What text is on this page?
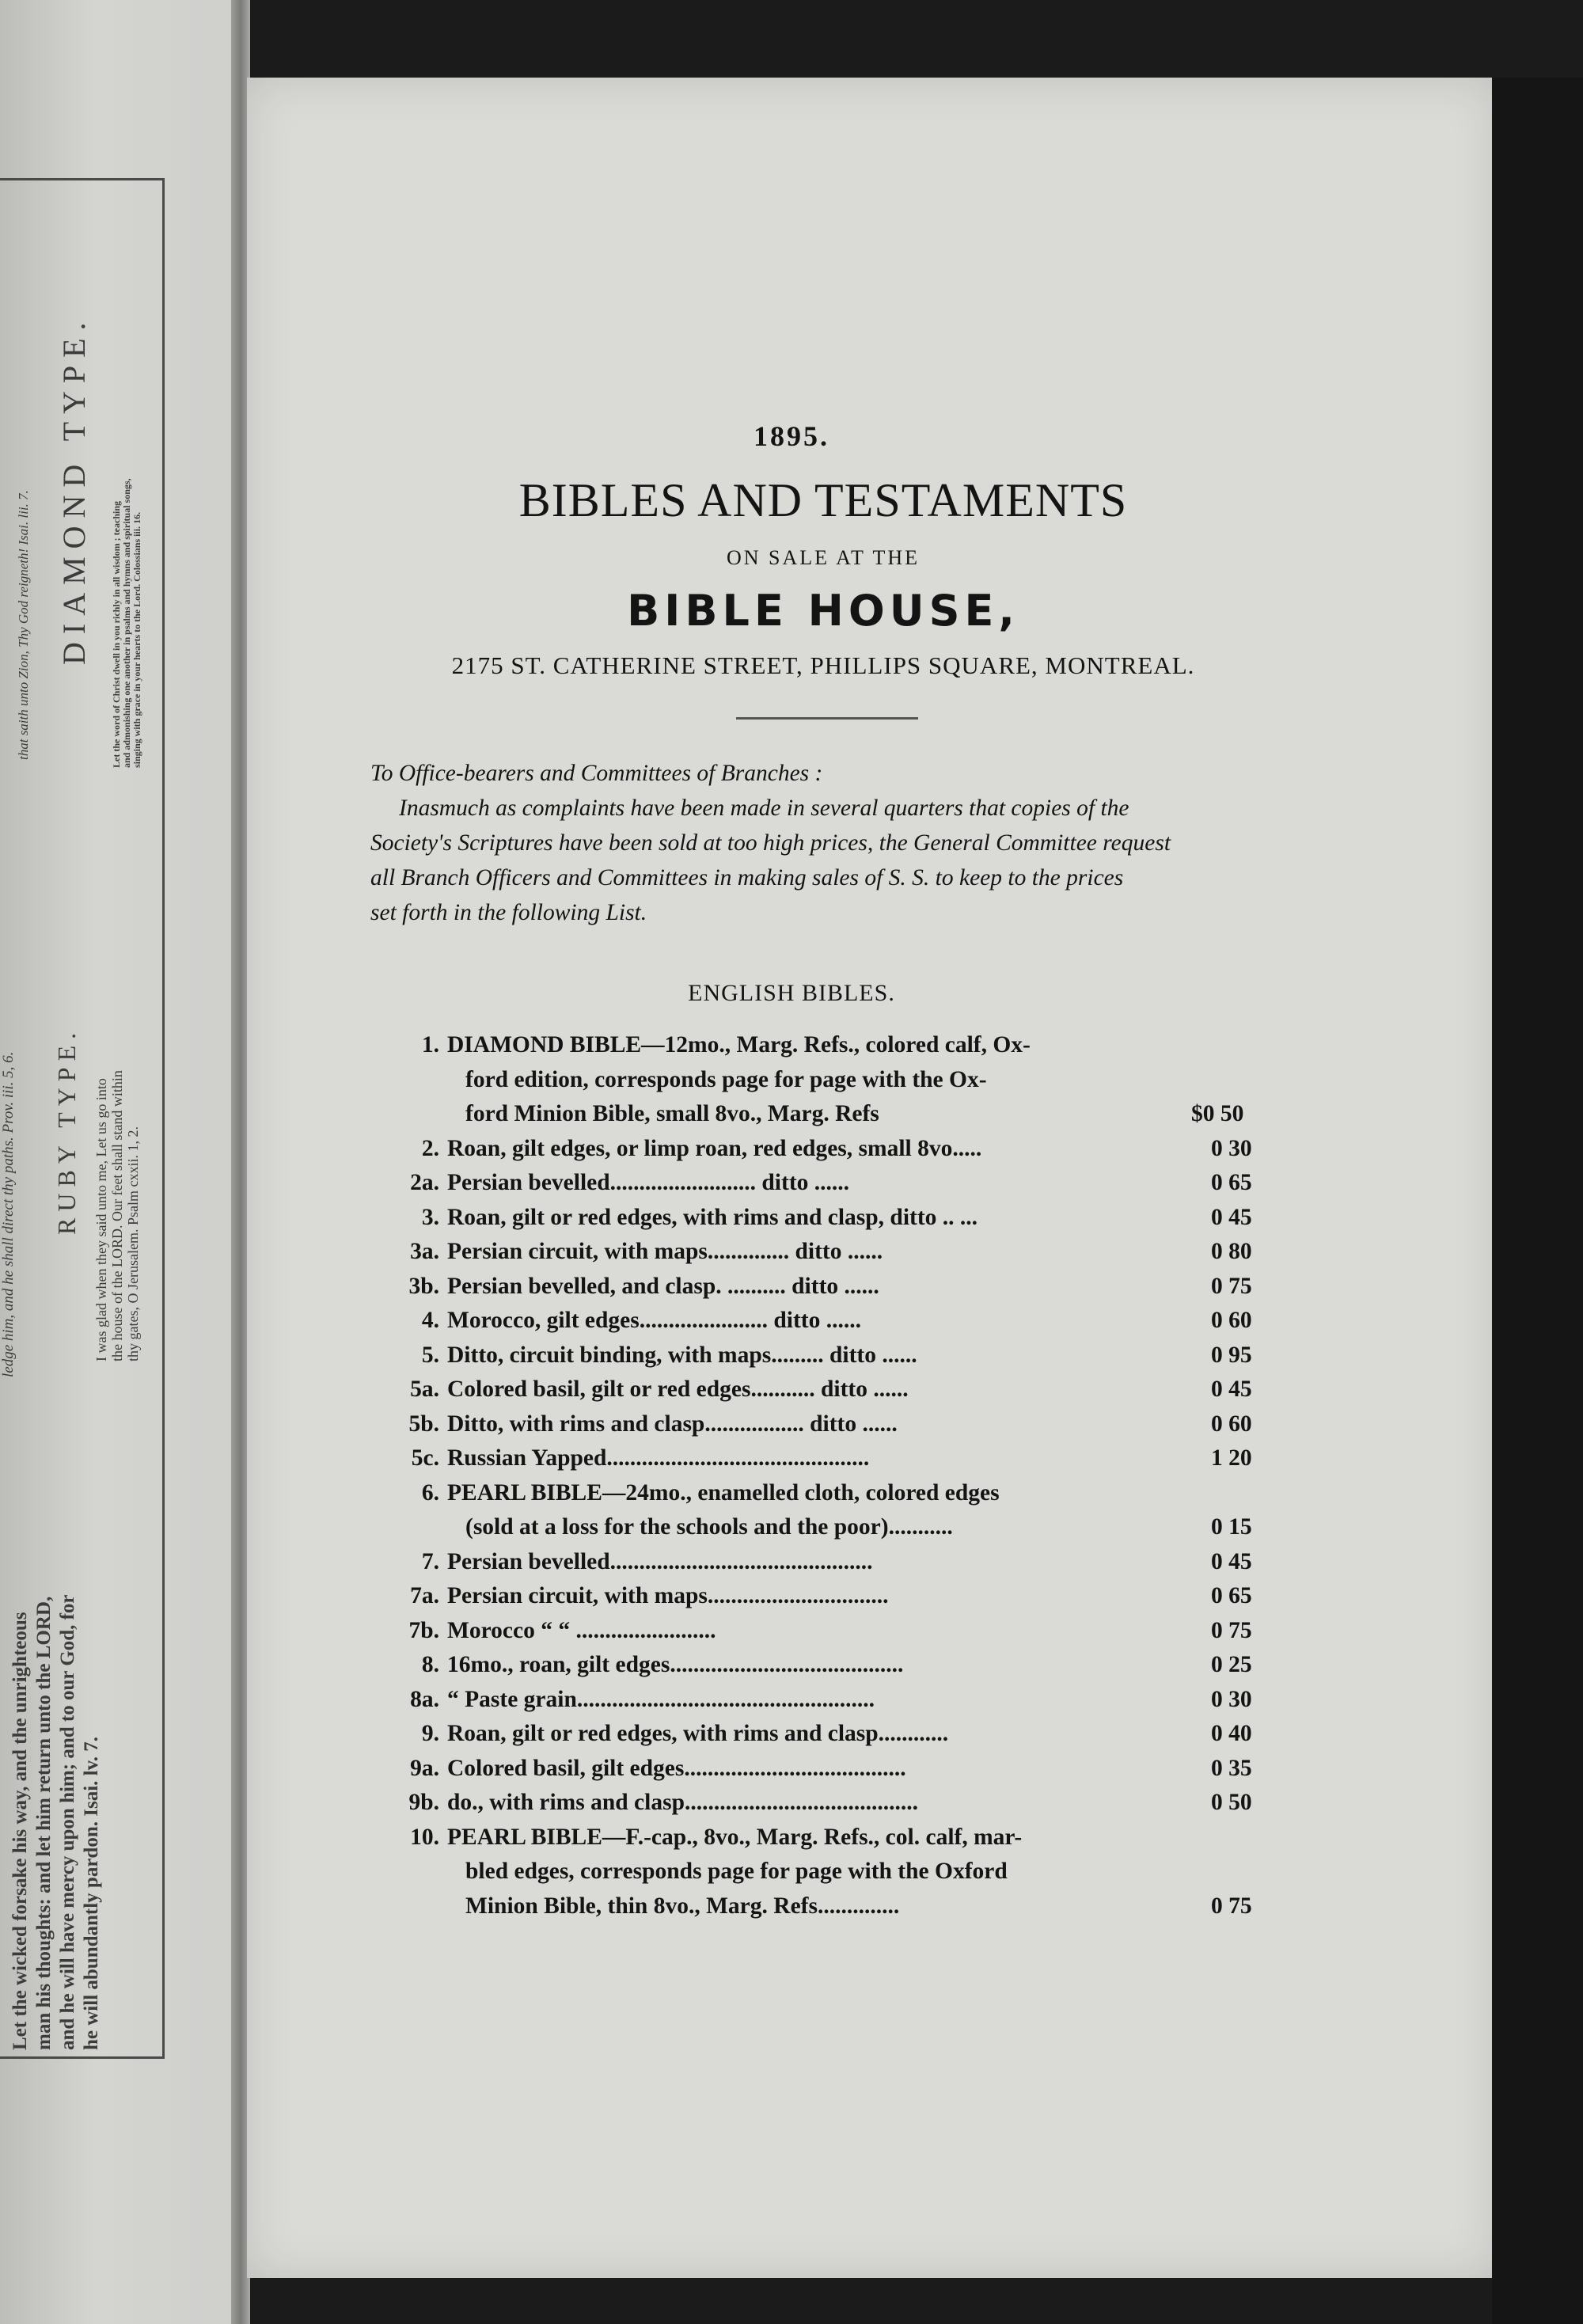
that saith unto Zion, Thy God reigneth! Isai. lii. 7. DIAMOND TYPE. Let the word of Christ dwell in you richly in all wisdom ; teaching and admonishing one another in psalms and hymns and spiritual songs, singing with grace in your hearts to the Lord. Colossians iii. 16.
ledge him, and he shall direct thy paths. Prov. iii. 5, 6. RUBY TYPE. I was glad when they said unto me, Let us go into the house of the LORD. Our feet shall stand within thy gates, O Jerusalem. Psalm cxxii. 1, 2.
Let the wicked forsake his way, and the unrighteous man his thoughts: and let him return unto the LORD, and he will have mercy upon him; and to our God, for he will abundantly pardon. Isai. lv. 7.
1895.
BIBLES AND TESTAMENTS
ON SALE AT THE
BIBLE HOUSE,
2175 ST. CATHERINE STREET, PHILLIPS SQUARE, MONTREAL.
To Office-bearers and Committees of Branches :
Inasmuch as complaints have been made in several quarters that copies of the
Society's Scriptures have been sold at too high prices, the General Committee request
all Branch Officers and Committees in making sales of S. S. to keep to the prices
set forth in the following List.
ENGLISH BIBLES.
1. DIAMOND BIBLE—12mo., Marg. Refs., colored calf, Ox-
ford edition, corresponds page for page with the Ox-
ford Minion Bible, small 8vo., Marg. Refs	$0 50
2. Roan, gilt edges, or limp roan, red edges, small 8vo.....	0 30
2a. Persian bevelled......................... ditto ......	0 65
3. Roan, gilt or red edges, with rims and clasp, ditto .. ...	0 45
3a. Persian circuit, with maps.............. ditto ......	0 80
3b. Persian bevelled, and clasp. .......... ditto ......	0 75
4. Morocco, gilt edges...................... ditto ......	0 60
5. Ditto, circuit binding, with maps......... ditto ......	0 95
5a. Colored basil, gilt or red edges........... ditto ......	0 45
5b. Ditto, with rims and clasp................. ditto ......	0 60
5c. Russian Yapped.............................................	1 20
6. PEARL BIBLE—24mo., enamelled cloth, colored edges
(sold at a loss for the schools and the poor)...........	0 15
7. Persian bevelled.............................................	0 45
7a. Persian circuit, with maps...............................	0 65
7b. Morocco “ “ ........................	0 75
8. 16mo., roan, gilt edges........................................	0 25
8a. “ Paste grain...................................................	0 30
9. Roan, gilt or red edges, with rims and clasp............	0 40
9a. Colored basil, gilt edges......................................	0 35
9b. do., with rims and clasp........................................	0 50
10. PEARL BIBLE—F.-cap., 8vo., Marg. Refs., col. calf, mar-
bled edges, corresponds page for page with the Oxford
Minion Bible, thin 8vo., Marg. Refs..............	0 75
